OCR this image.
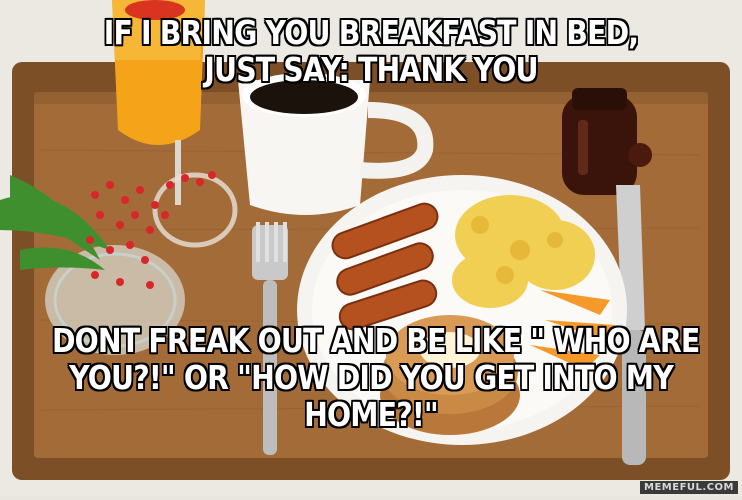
IF I BRING YOU BREAKFAST IN BED,
JUST SAY: THANK YOU
DONT FREAK OUT AND BE LIKE " WHO ARE
YOU?!" OR "HOW DID YOU GET INTO MY
HOME?!"
MEMEFUL.COM
